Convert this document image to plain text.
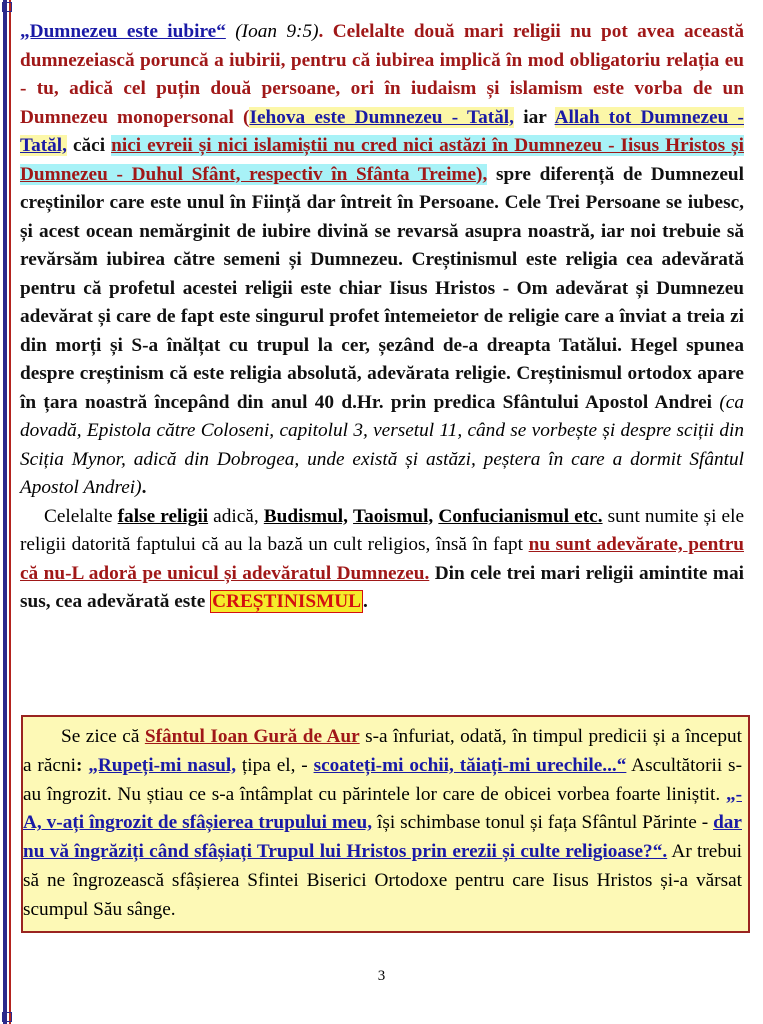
„Dumnezeu este iubire“ (Ioan 9:5). Celelalte două mari religii nu pot avea această dumnezeiască poruncă a iubirii, pentru că iubirea implică în mod obligatoriu relația eu - tu, adică cel puțin două persoane, ori în iudaism și islamism este vorba de un Dumnezeu monopersonal (Iehova este Dumnezeu - Tatăl, iar Allah tot Dumnezeu - Tatăl, căci nici evreii și nici islamiștii nu cred nici astăzi în Dumnezeu - Iisus Hristos și Dumnezeu - Duhul Sfânt, respectiv în Sfânta Treime), spre diferență de Dumnezeul creștinilor care este unul în Ființă dar întreit în Persoane. Cele Trei Persoane se iubesc, și acest ocean nemărginit de iubire divină se revarsă asupra noastră, iar noi trebuie să revărsăm iubirea către semeni și Dumnezeu. Creștinismul este religia cea adevărată pentru că profetul acestei religii este chiar Iisus Hristos - Om adevărat și Dumnezeu adevărat și care de fapt este singurul profet întemeietor de religie care a înviat a treia zi din morți și S-a înălțat cu trupul la cer, șezând de-a dreapta Tatălui. Hegel spunea despre creștinism că este religia absolută, adevărata religie. Creștinismul ortodox apare în țara noastră începând din anul 40 d.Hr. prin predica Sfântului Apostol Andrei (ca dovadă, Epistola către Coloseni, capitolul 3, versetul 11, când se vorbește și despre sciții din Sciția Mynor, adică din Dobrogea, unde există și astăzi, peștera în care a dormit Sfântul Apostol Andrei).

Celelalte false religii adică, Budismul, Taoismul, Confucianismul etc. sunt numite și ele religii datorită faptului că au la bază un cult religios, însă în fapt nu sunt adevărate, pentru că nu-L adoră pe unicul și adevăratul Dumnezeu. Din cele trei mari religii amintite mai sus, cea adevărată este CREȘTINISMUL .

Se zice că Sfântul Ioan Gură de Aur s-a înfuriat, odată, în timpul predicii și a început a răcni: „Rupeți-mi nasul, țipa el, - scoateți-mi ochii, tăiați-mi urechile...“ Ascultătorii s-au îngrozit. Nu știau ce s-a întâmplat cu părintele lor care de obicei vorbea foarte liniștit. „- A, v-ați îngrozit de sfâșierea trupului meu, își schimbase tonul și fața Sfântul Părinte - dar nu vă îngrăziți când sfâșiați Trupul lui Hristos prin erezii și culte religioase?“. Ar trebui să ne îngrozească sfâșierea Sfintei Biserici Ortodoxe pentru care Iisus Hristos și-a vărsat scumpul Său sânge.

3
